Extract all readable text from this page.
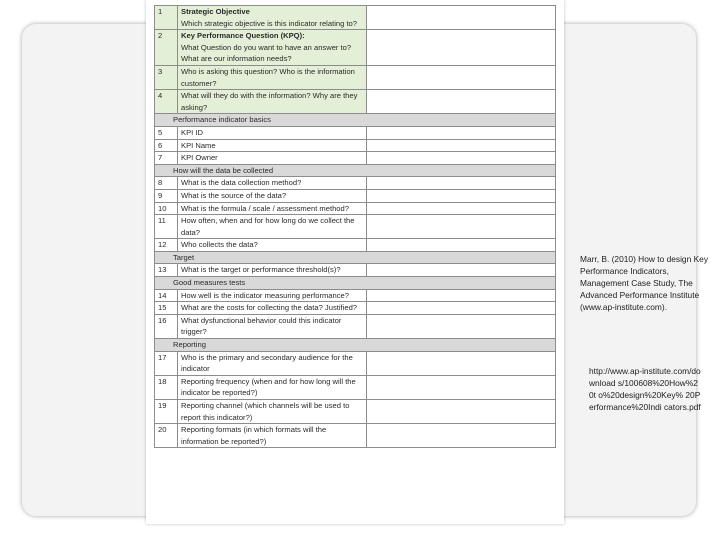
1	Strategic Objective
Which strategic objective is this indicator relating to?	

2	Key Performance Question (KPQ):
What Question do you want to have an answer to? What are our information needs?	

3	Who is asking this question? Who is the information customer?	

4	What will they do with the information? Why are they asking?	

Performance indicator basics		
5	KPI ID	

6	KPI Name	

7	KPI Owner	

How will the data be collected		
8	What is the data collection method?	

9	What is the source of the data?	

10	What is the formula / scale / assessment method?	

11	How often, when and for how long do we collect the data?	

12	Who collects the data?	

Target		
13	What is the target or performance threshold(s)?	

Good measures tests		
14	How well is the indicator measuring performance?	

15	What are the costs for collecting the data? Justified?	

16	What dysfunctional behavior could this indicator trigger?	

Reporting		
17	Who is the primary and secondary audience for the indicator	

18	Reporting frequency (when and for how long will the indicator be reported?)	

19	Reporting channel (which channels will be used to report this indicator?)	

20	Reporting formats (in which formats will the information be reported?)	

Marr, B. (2010) How to design Key Performance Indicators, Management Case Study, The Advanced Performance Institute (www.ap-institute.com).
http://www.ap-institute.com/download s/100608%20How%20t o%20design%20Key% 20Performance%20Indi cators.pdf
